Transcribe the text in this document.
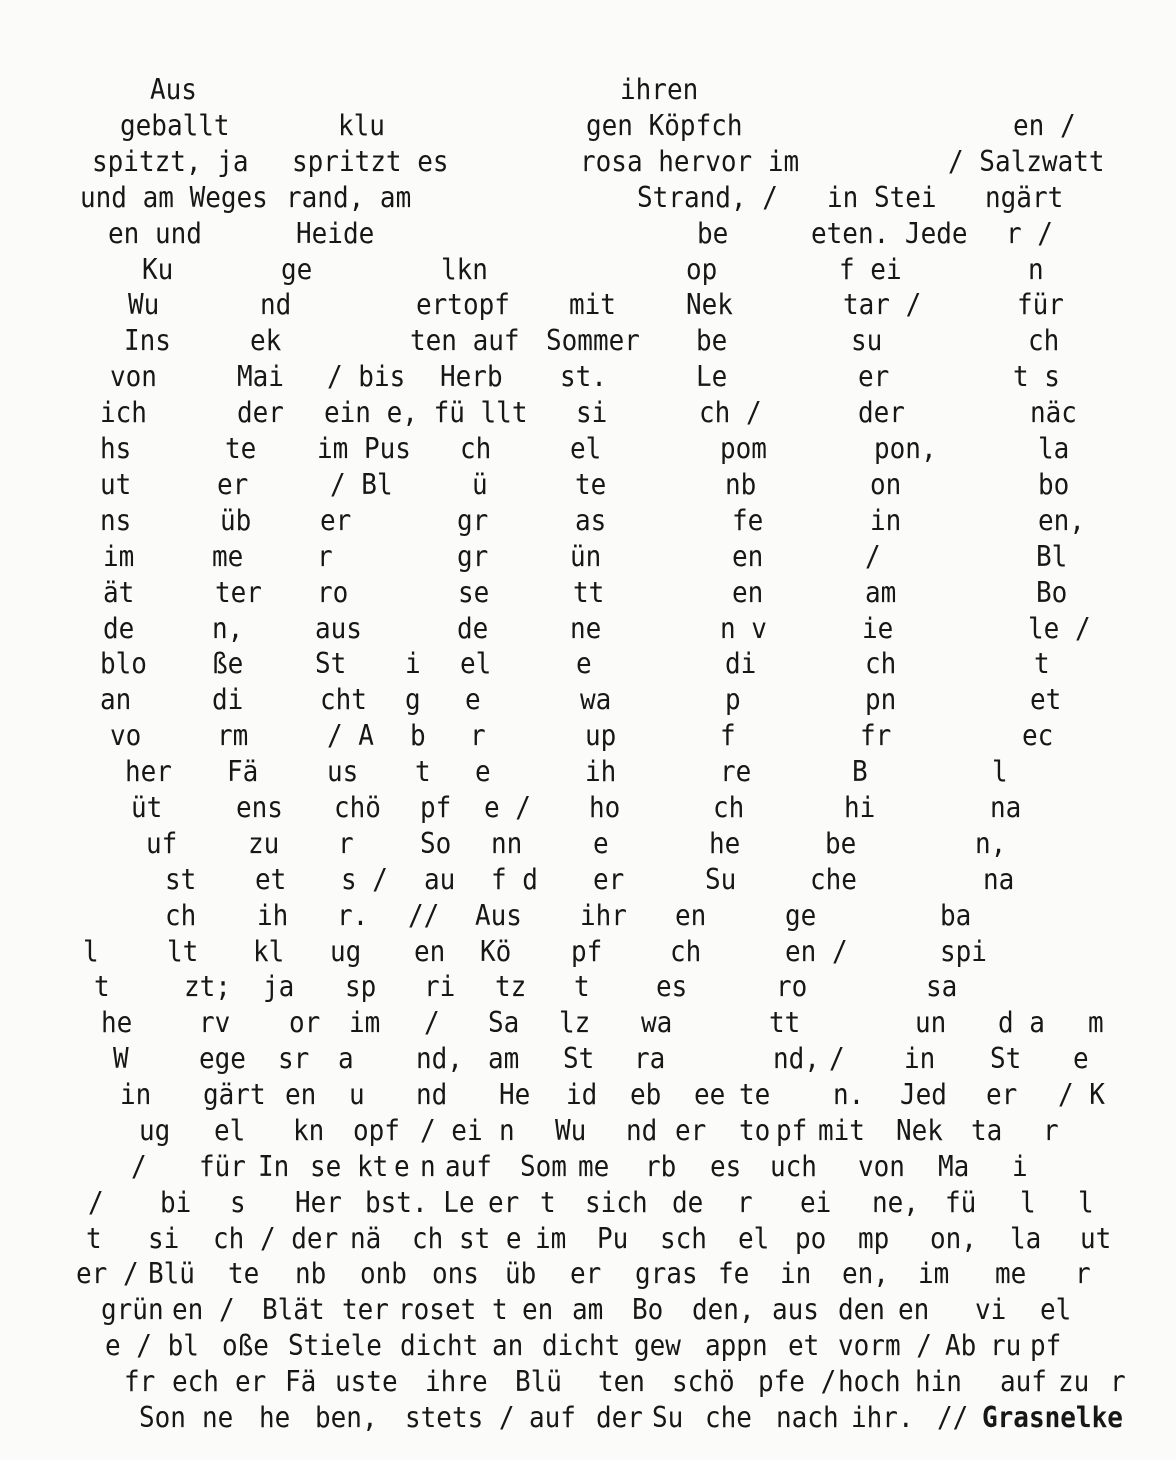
Aus	ihren
geballt	klu	gen Köpfch	en /
spitzt, ja spritzt es	rosa hervor im	/ Salzwatt
und am Weges rand, am	Strand, / in Stei ngärt
en und	Heide	be	eten. Jede r /
Ku	ge	lkn	op	f ei	n
Wu	nd	ertopf mit	Nek	tar /	für
Ins	ek	ten auf Sommer be	su	ch
von	Mai / bis Herb st.	Le	er	t s
ich	der ein e, fü llt si	ch /	der	näc
hs	te im Pus ch	el	pom	pon,	la
ut	er	/ Bl	ü	te	nb	on	bo
ns	üb	er	gr	as	fe	in	en,
im	me	r	gr	ün	en	/	Bl
ät	ter ro	se	tt	en	am	Bo
de	n,	aus	de	ne	n v	ie	le /
blo	ße	St i el	e	di	ch	t
an	di	cht g e	wa	p	pn	et
vo	rm	/ A b r	up	f	fr	ec
her Fä	us t e	ih	re	B	l
üt	ens chö pf e / ho	ch	hi	na
uf	zu r	So nn	e	he	be	n,
st et s / au f d er	Su	che	na
ch ih r. // Aus ihr en	ge	ba
l	lt kl ug en Kö pf	ch	en /	spi
t	zt; ja sp ri tz t	es	ro	sa
he	rv or im / Sa lz wa	tt	un d a m
W	ege sr a nd, am St ra	nd, / in St e
in gärt en u nd He id eb ee te n. Jed er / K
ug el kn opf / ei n Wu nd er to pf mit Nek ta r
/ für In se kt e n auf Som me rb es uch von Ma i
/ bi s Her bst. Le er t sich de r ei ne, fü l l
t si ch / der nä ch st e im Pu sch el po mp on, la ut
er / Blü te nb onb ons üb er gras fe in en, im me r
grün en / Blät ter roset t en am Bo den, aus den en vi el
e / bl oße Stiele dicht an dicht gew appn et vorm / Ab ru pf
fr ech er Fä uste ihre Blü ten schö pfe / hoch hin auf zu r
Son ne he ben, stets / auf der Su che nach ihr. // Grasnelke
